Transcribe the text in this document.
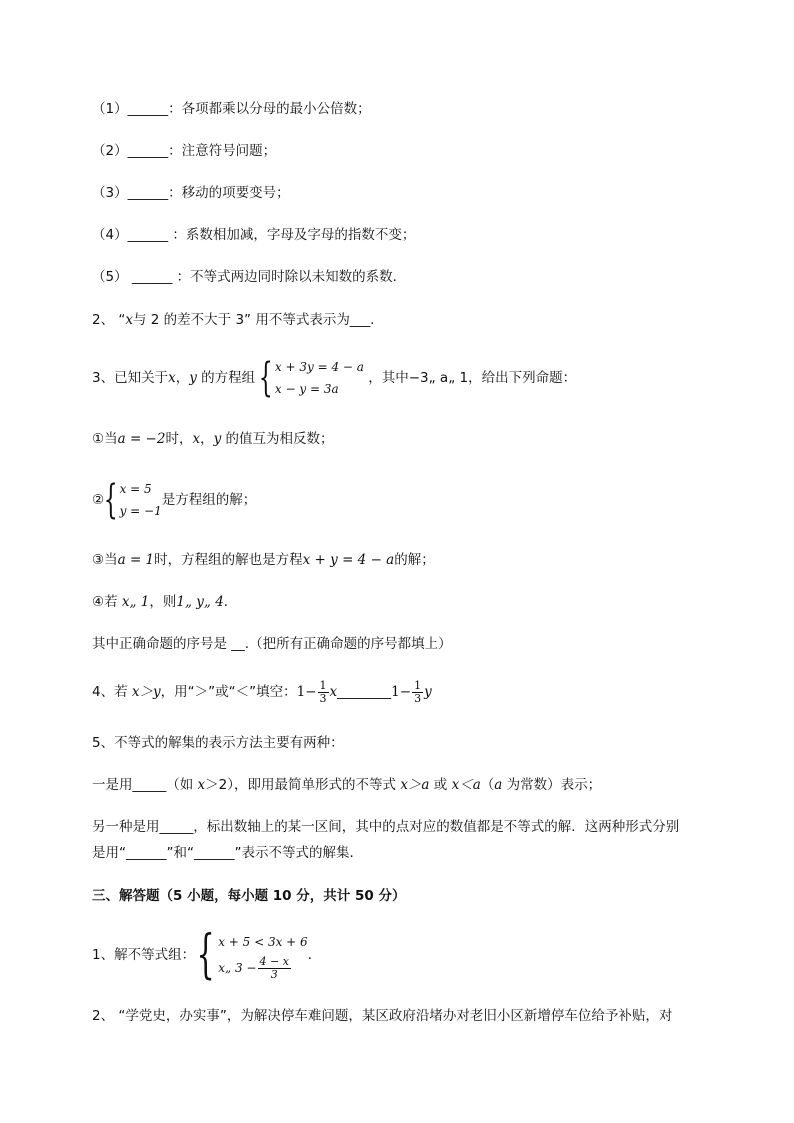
（1）______：各项都乘以分母的最小公倍数；
（2）______：注意符号问题；
（3）______：移动的项要变号；
（4）______ ：系数相加减，字母及字母的指数不变；
（5） ______ ：不等式两边同时除以未知数的系数．
2、 “x与 2 的差不大于 3” 用不等式表示为___.
3、已知关于x，y 的方程组 { x + 3y = 4 − a
x − y = 3a
，其中−3„ a„ 1，给出下列命题：
①当a = −2时，x，y 的值互为相反数；
② { x = 5
y = −1
是方程组的解；
③当a = 1时，方程组的解也是方程x + y = 4 − a的解；
④若 x„ 1，则1„ y„ 4．
其中正确命题的序号是 __.（把所有正确命题的序号都填上）
4、若 x＞y，用“＞”或“＜”填空：$1- \frac{1}{3}$ x________1− $\frac{1}{3}$ y
5、不等式的解集的表示方法主要有两种：
一是用_____（如 x＞2），即用最简单形式的不等式 x＞a 或 x＜a（a 为常数）表示；
另一种是用_____，标出数轴上的某一区间，其中的点对应的数值都是不等式的解．这两种形式分别
是用“______”和“______”表示不等式的解集．
三、解答题（5 小题，每小题 10 分，共计 50 分）
1、解不等式组： { x + 5 < 3x + 6
x„ $3 - \frac{4 - x}{3}$
．
2、 “学党史，办实事”，为解决停车难问题，某区政府沿堵办对老旧小区新增停车位给予补贴，对
